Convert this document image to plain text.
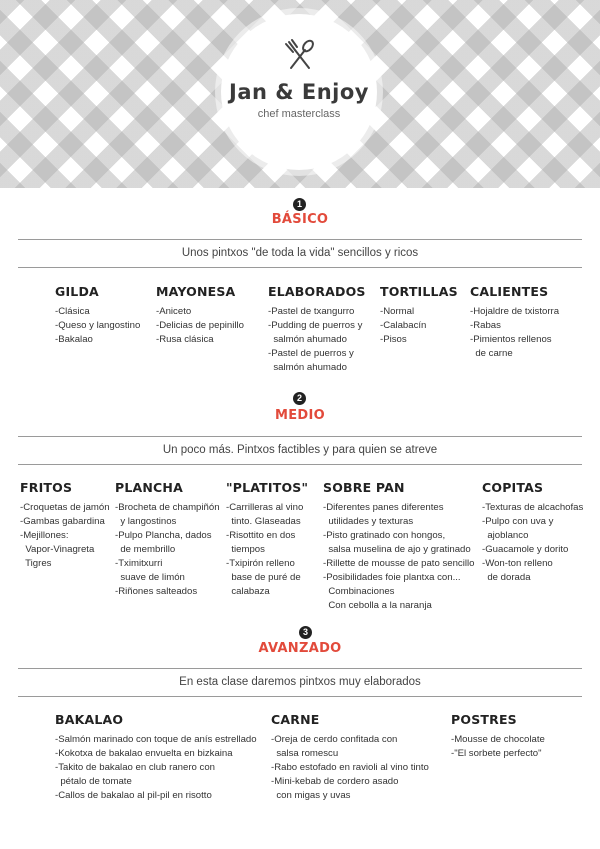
Jan & Enjoy
chef masterclass
1
BÁSICO
Unos pintxos "de toda la vida" sencillos y ricos
GILDA
-Clásica
-Queso y langostino
-Bakalao
MAYONESA
-Aniceto
-Delicias de pepinillo
-Rusa clásica
ELABORADOS
-Pastel de txangurro
-Pudding de puerros y
salmón ahumado
-Pastel de puerros y
salmón ahumado
TORTILLAS
-Normal
-Calabacín
-Pisos
CALIENTES
-Hojaldre de txistorra
-Rabas
-Pimientos rellenos
de carne
2
MEDIO
Un poco más. Pintxos factibles y para quien se atreve
FRITOS
-Croquetas de jamón
-Gambas gabardina
-Mejillones:
Vapor-Vinagreta
Tigres
PLANCHA
-Brocheta de champiñón
y langostinos
-Pulpo Plancha, dados
de membrillo
-Tximitxurri
suave de limón
-Riñones salteados
"PLATITOS"
-Carrilleras al vino
tinto. Glaseadas
-Risottito en dos
tiempos
-Txipirón relleno
base de puré de
calabaza
SOBRE PAN
-Diferentes panes diferentes
utilidades y texturas
-Pisto gratinado con hongos,
salsa muselina de ajo y gratinado
-Rillette de mousse de pato sencillo
-Posibilidades foie plantxa con...
Combinaciones
Con cebolla a la naranja
COPITAS
-Texturas de alcachofas
-Pulpo con uva y
ajoblanco
-Guacamole y dorito
-Won-ton relleno
de dorada
3
AVANZADO
En esta clase daremos pintxos muy elaborados
BAKALAO
-Salmón marinado con toque de anís estrellado
-Kokotxa de bakalao envuelta en bizkaina
-Takito de bakalao en club ranero con
pétalo de tomate
-Callos de bakalao al pil-pil en risotto
CARNE
-Oreja de cerdo confitada con
salsa romescu
-Rabo estofado en ravioli al vino tinto
-Mini-kebab de cordero asado
con migas y uvas
POSTRES
-Mousse de chocolate
-"El sorbete perfecto"
